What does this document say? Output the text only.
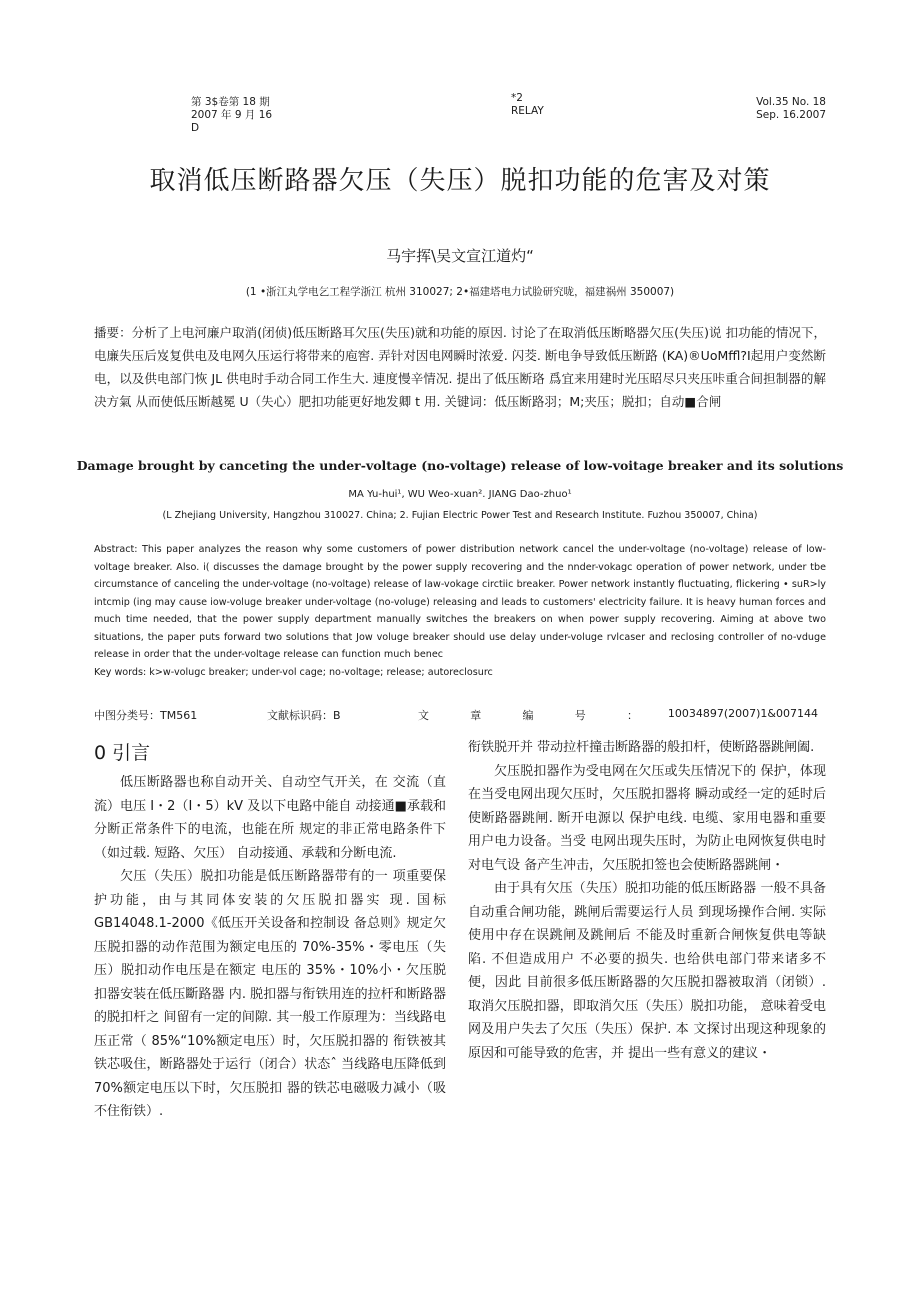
第 3$卷第 18 期
2007 年 9 月 16
D
*2
RELAY
Vol.35 No. 18
Sep. 16.2007
取消低压断路器欠压（失压）脱扣功能的危害及对策
马宇挥\吴文宣江道灼“
(1 •浙江丸学电乞工程学浙江 杭州 310027; 2•福建塔电力试脸研究咙，福建祸州 350007)
播要：分析了上电河廉户取消(闭侦)低压断路耳欠压(失压)就和功能的原因. 讨论了在取消低压断略器欠压(失压)说 扣功能的情况下，电廉失压后岌复供电及电网久压运行将带来的庖窖. 弄针对因电网瞬时浓爱. 闪茭. 断电争导致低压断路 (KA)®UoMffl?I起用户变然断电，以及供电部门恢 JL 供电时手动合同工作生大. 連度慢辛情况. 提出了低压断珞 爲宜来用建时光压昭尽只夹压咔重合间担制器的解决方氣 从而使低压断越冕 U（失心）肥扣功能更好地发卿 t 用. 关键词：低压断路羽；M;夹压；脱扣；自动■合闸
Damage brought by canceting the under-voltage (no-voltage) release of low-voitage breaker and its solutions
MA Yu-hui¹, WU Weo-xuan². JIANG Dao-zhuo¹
(L Zhejiang University, Hangzhou 310027. China; 2. Fujian Electric Power Test and Research Institute. Fuzhou 350007, China)
Abstract: This paper analyzes the reason why some customers of power distribution network cancel the under-voltage (no-voltage) release of low-voltage breaker. Also. i( discusses the damage brought by the power supply recovering and the nnder-vokagc operation of power network, under tbe circumstance of canceling the under-voltage (no-voltage) release of law-vokage circtiic breaker. Power network instantly fluctuating, flickering • suR>ly intcmip (ing may cause iow-voluge breaker under-voltage (no-voluge) releasing and leads to customers' electricity failure. It is heavy human forces and much time needed, that the power supply department manually switches the breakers on when power supply recovering. Aiming at above two situations, the paper puts forward two solutions that Jow voluge breaker should use delay under-voluge rvlcaser and reclosing controller of no-vduge release in order that the under-voltage release can function much benec
Key words: k>w-volugc breaker; under-vol cage; no-voltage; release; autoreclosurc
中图分类号：TM561	文献标识码：B	文	章	编	号	：	10034897(2007)1&007144
0 引言

低压断路器也称自动开关、自动空气开关，在 交流（直流）电压 I・2（I・5）kV 及以下电路中能自 动接通■承载和分断正常条件下的电流，也能在所 规定的非正常电路条件下（如过载. 短路、欠压） 自动接通、承载和分断电流.

欠压（失压）脱扣功能是低压断路器带有的一 项重要保护功能，由与其同体安装的欠压脱扣器实 现. 国标 GB14048.1-2000《低压开关设备和控制设 备总则》规定欠压脱扣器的动作范围为额定电压的 70%-35%・零电压（失压）脱扣动作电压是在额定 电压的 35%・10%小・欠压脱扣器安装在低压斷路器 内. 脱扣器与衔铁用连的拉杆和断路器的脱扣杆之 间留有一定的间隙. 其一般工作原理为：当线路电 压正常（ 85%“10%额定电压）时，欠压脱扣器的 衔铁被其铁芯吸住，断路器处于运行（闭合）状态ˆ 当线路电压降低到 70%额定电压以下时，欠压脱扣 器的铁芯电磁吸力减小（吸不住衔铁）.

衔铁脱开并 带动拉杆撞击断路器的般扣杆，使断路器跳闸阖.

欠压脱扣器作为受电网在欠压或失压情况下的 保护，体现在当受电网出现欠压时，欠压脱扣器将 瞬动或经一定的延时后使断路器跳闸. 断开电源以 保护电线. 电缆、家用电器和重要用户电力设备。当受 电网出现失压时，为防止电网恢复供电时对电气设 备产生冲击，欠压脱扣签也会使断路器跳闸・

由于具有欠压（失压）脱扣功能的低压断路器 一般不具备自动重合闸功能，跳闸后需要运行人员 到现场操作合闸. 实际使用中存在误跳闸及跳闸后 不能及时重新合闸恢复供电等缺陷. 不但造成用户 不必要的损失. 也给供电部门带来诸多不便，因此 目前很多低压断路器的欠压脱扣器被取消（闭锁）. 取消欠压脱扣器，即取消欠压（失压）脱扣功能， 意味着受电网及用户失去了欠压（失压）保护. 本 文探讨出现这种现象的原因和可能导致的危害，并 提出一些有意义的建议・
